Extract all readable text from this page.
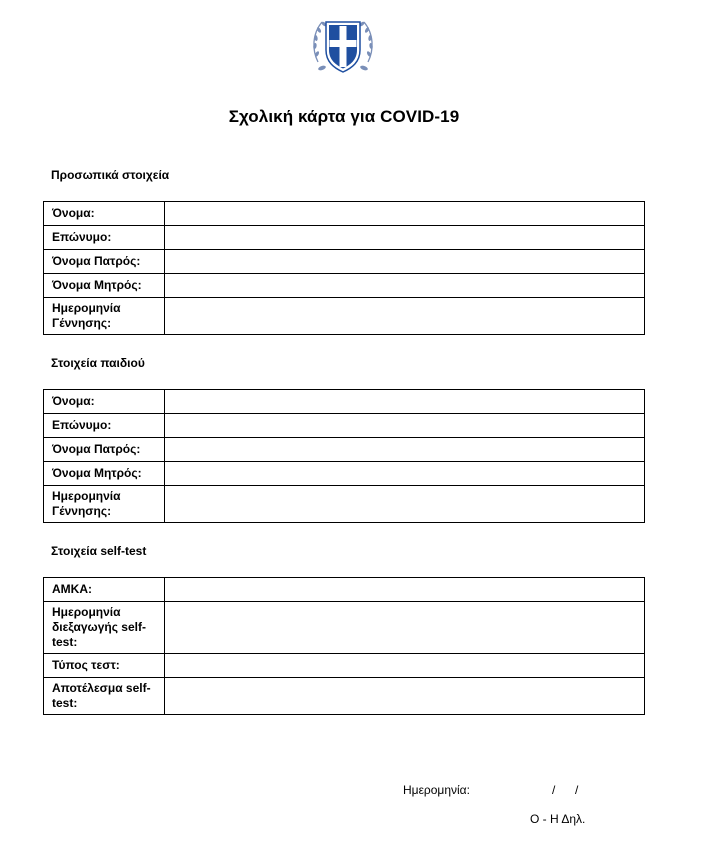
Σχολική κάρτα για COVID-19
Προσωπικά στοιχεία
Όνομα:	
Επώνυμο:	
Όνομα Πατρός:	
Όνομα Μητρός:	
Ημερομηνία Γέννησης:	
Στοιχεία παιδιού
Όνομα:	
Επώνυμο:	
Όνομα Πατρός:	
Όνομα Μητρός:	
Ημερομηνία Γέννησης:	
Στοιχεία self-test
ΑΜΚΑ:	
Ημερομηνία διεξαγωγής self-test:	
Τύπος τεστ:	
Αποτέλεσμα self-test:	
Ημερομηνία:	/ /
Ο - Η Δηλ.
